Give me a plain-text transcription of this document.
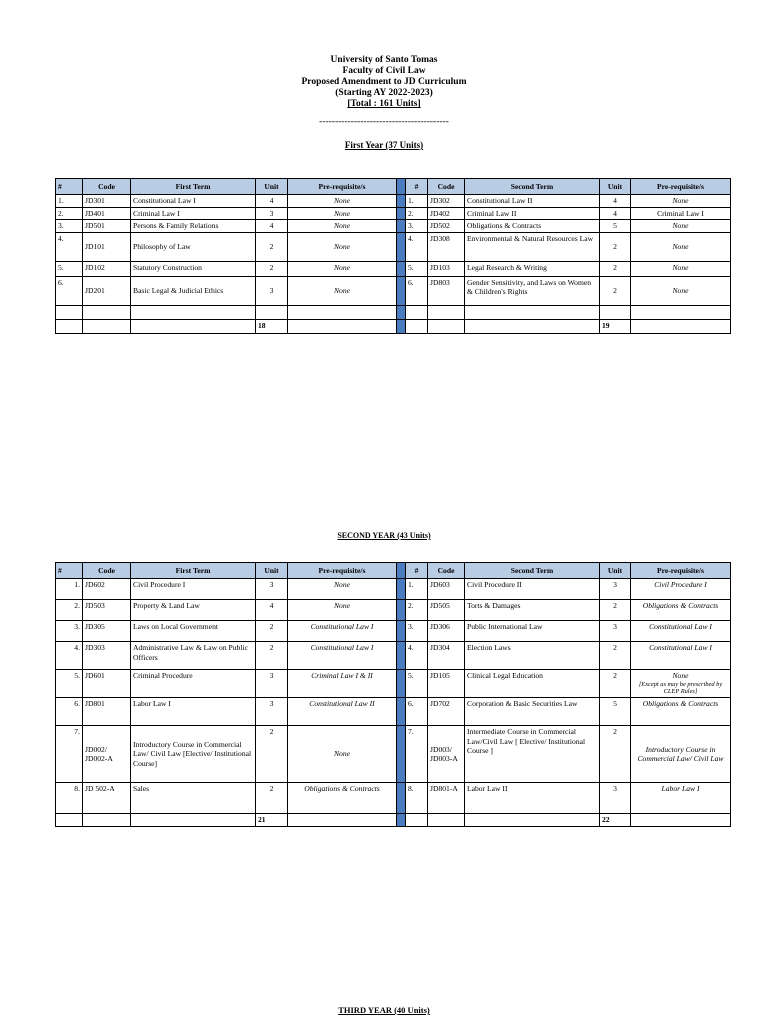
University of Santo Tomas
Faculty of Civil Law
Proposed Amendment to JD Curriculum
(Starting AY 2022-2023)
[Total : 161 Units]
-----------------------------------------
First Year (37 Units)
#	Code	First Term	Unit	Pre-requisite/s		#	Code	Second Term	Unit	Pre-requisite/s
1.	JD301	Constitutional Law I	4	None		1.	JD302	Constitutional Law II	4	None
2.	JD401	Criminal Law I	3	None		2.	JD402	Criminal Law II	4	Criminal Law I
3.	JD501	Persons & Family Relations	4	None		3.	JD502	Obligations & Contracts	5	None
4.	JD101	Philosophy of Law	2	None		4.	JD308	Environmental & Natural Resources Law	2	None
5.	JD102	Statutory Construction	2	None		5.	JD103	Legal Research & Writing	2	None
6.	JD201	Basic Legal & Judicial Ethics	3	None		6.	JD803	Gender Sensitivity, and Laws on Women & Children's Rights	2	None

			18						19	
SECOND YEAR (43 Units)
#	Code	First Term	Unit	Pre-requisite/s		#	Code	Second Term	Unit	Pre-requisite/s
1.	JD602	Civil Procedure I	3	None		1.	JD603	Civil Procedure II	3	Civil Procedure I
2.	JD503	Property & Land Law	4	None		2.	JD505	Torts & Damages	2	Obligations & Contracts
3.	JD305	Laws on Local Government	2	Constitutional Law I		3.	JD306	Public International Law	3	Constitutional Law I
4.	JD303	Administrative Law & Law on Public Officers	2	Constitutional Law I		4.	JD304	Election Laws	2	Constitutional Law I
5.	JD601	Criminal Procedure	3	Criminal Law I & II		5.	JD105	Clinical Legal Education	2	None
[Except as may be prescribed by CLEP Rules]

6.	JD801	Labor Law I	3	Constitutional Law II		6.	JD702	Corporation & Basic Securities Law	5	Obligations & Contracts
7.	JD002/ JD002-A	Introductory Course in Commercial Law/ Civil Law [Elective/ Institutional Course]	2	None		7.	JD003/ JD003-A	Intermediate Course in Commercial Law/Civil Law [ Elective/ Institutional Course ]	2	Introductory Course in Commercial Law/ Civil Law
8.	JD 502-A	Sales	2	Obligations & Contracts		8.	JD801-A	Labor Law II	3	Labor Law I
			21						22	
THIRD YEAR (40 Units)
